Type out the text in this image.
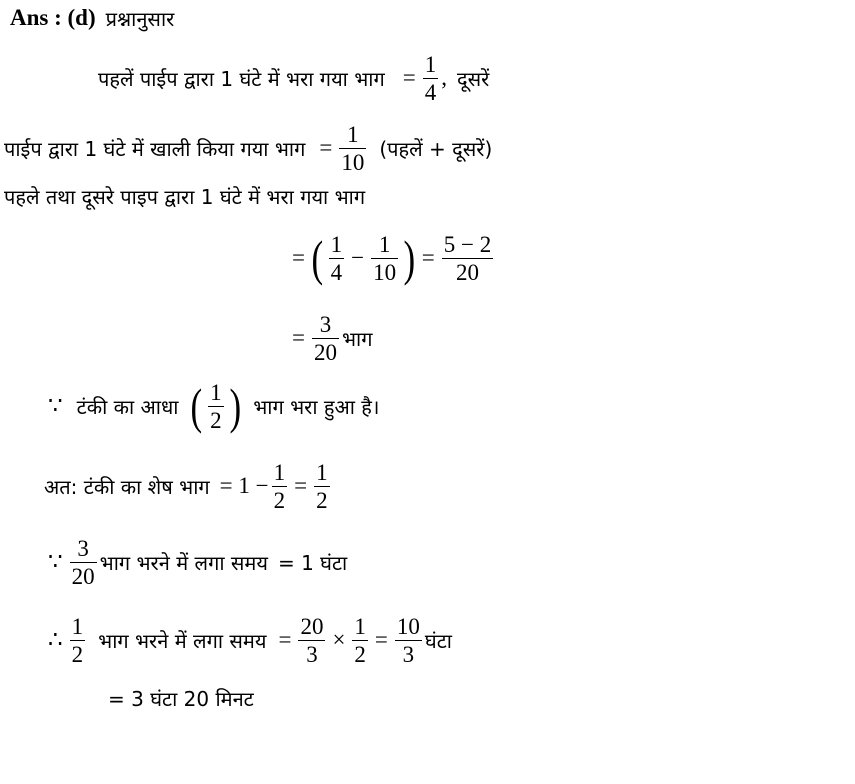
Ans : (d) प्रश्नानुसार
पहलें पाईप द्वारा 1 घंटे में भरा गया भाग = $\frac{1}{4}$ , दूसरें
पाईप द्वारा 1 घंटे में खाली किया गया भाग = $\frac{1}{10}$ (पहलें + दूसरें)
पहले तथा दूसरे पाइप द्वारा 1 घंटे में भरा गया भाग
= ( $\frac{1}{4} - \frac{1}{10}$ ) = $\frac{5 - 2}{20}$
= $\frac{3}{20}$ भाग
∵ टंकी का आधा ( $\frac{1}{2}$ ) भाग भरा हुआ है।
अत: टंकी का शेष भाग = $1 - \frac{1}{2} = \frac{1}{2}$
∵ $\frac{3}{20}$ भाग भरने में लगा समय = 1 घंटा
∴ $\frac{1}{2}$ भाग भरने में लगा समय = $\frac{20}{3} \times \frac{1}{2} = \frac{10}{3}$ घंटा
= 3 घंटा 20 मिनट
